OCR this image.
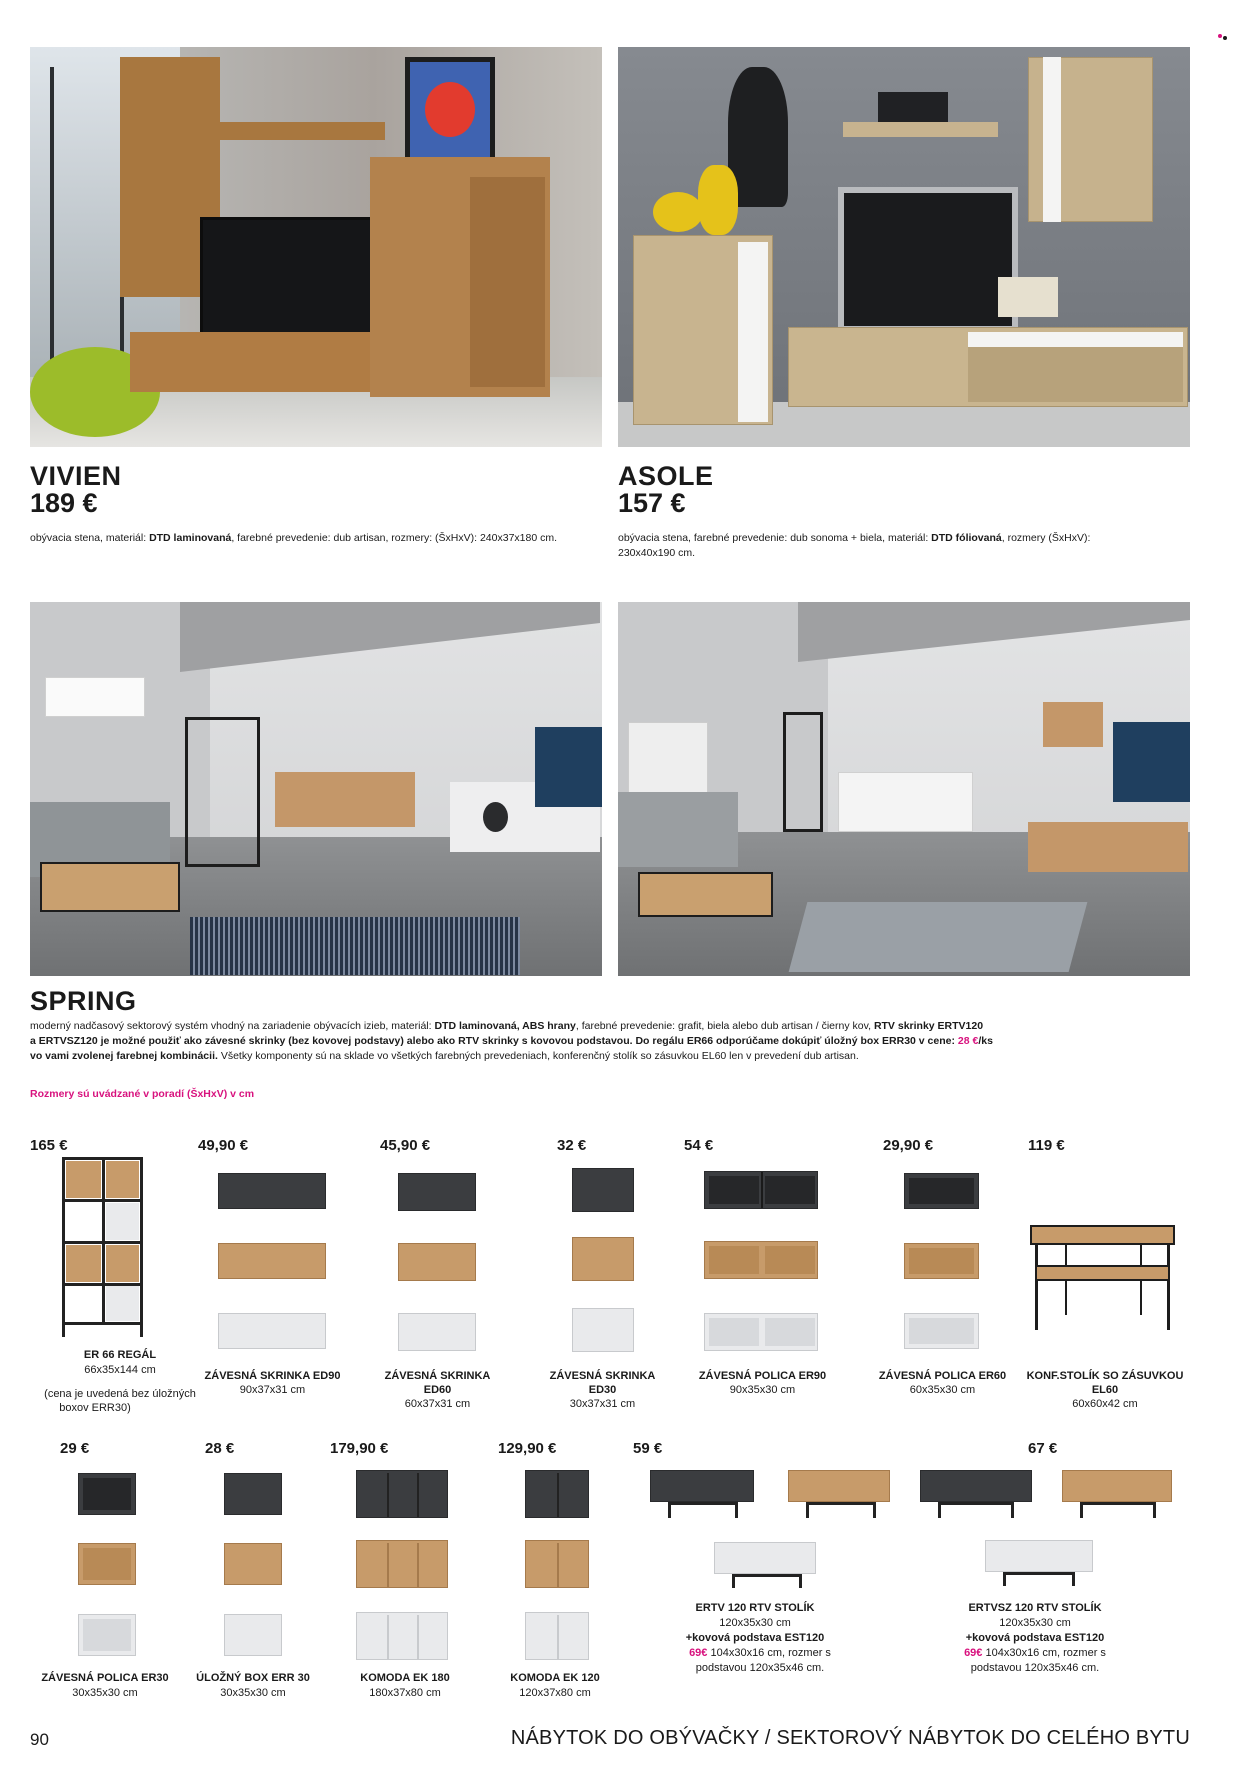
VIVIEN
189 €
obývacia stena, materiál: DTD laminovaná, farebné prevedenie: dub artisan, rozmery: (ŠxHxV): 240x37x180 cm.
ASOLE
157 €
obývacia stena, farebné prevedenie: dub sonoma + biela, materiál: DTD fóliovaná, rozmery (ŠxHxV):
230x40x190 cm.
SPRING
moderný nadčasový sektorový systém vhodný na zariadenie obývacích izieb, materiál: DTD laminovaná, ABS hrany, farebné prevedenie: grafit, biela alebo dub artisan / čierny kov, RTV skrinky ERTV120
a ERTVSZ120 je možné použiť ako závesné skrinky (bez kovovej podstavy) alebo ako RTV skrinky s kovovou podstavou. Do regálu ER66 odporúčame dokúpiť úložný box ERR30 v cene: 28 €/ks
vo vami zvolenej farebnej kombinácii. Všetky komponenty sú na sklade vo všetkých farebných prevedeniach, konferenčný stolík so zásuvkou EL60 len v prevedení dub artisan.
Rozmery sú uvádzané v poradí (ŠxHxV) v cm
165 €	49,90 €	45,90 €	32 €	54 €	29,90 €	119 €
ER 66 REGÁL
66x35x144 cm
(cena je uvedená bez úložných
boxov ERR30)
ZÁVESNÁ SKRINKA ED90
90x37x31 cm
ZÁVESNÁ SKRINKA
ED60
60x37x31 cm
ZÁVESNÁ SKRINKA
ED30
30x37x31 cm
ZÁVESNÁ POLICA ER90
90x35x30 cm
ZÁVESNÁ POLICA ER60
60x35x30 cm
KONF.STOLÍK SO ZÁSUVKOU
EL60
60x60x42 cm
29 €	28 €	179,90 €	129,90 €	59 €	67 €
ZÁVESNÁ POLICA ER30
30x35x30 cm
ÚLOŽNÝ BOX ERR 30
30x35x30 cm
KOMODA EK 180
180x37x80 cm
KOMODA EK 120
120x37x80 cm
ERTV 120 RTV STOLÍK
120x35x30 cm
+kovová podstava EST120
69€ 104x30x16 cm, rozmer s
podstavou 120x35x46 cm.
ERTVSZ 120 RTV STOLÍK
120x35x30 cm
+kovová podstava EST120
69€ 104x30x16 cm, rozmer s
podstavou 120x35x46 cm.
90	NÁBYTOK DO OBÝVAČKY / SEKTOROVÝ NÁBYTOK DO CELÉHO BYTU
